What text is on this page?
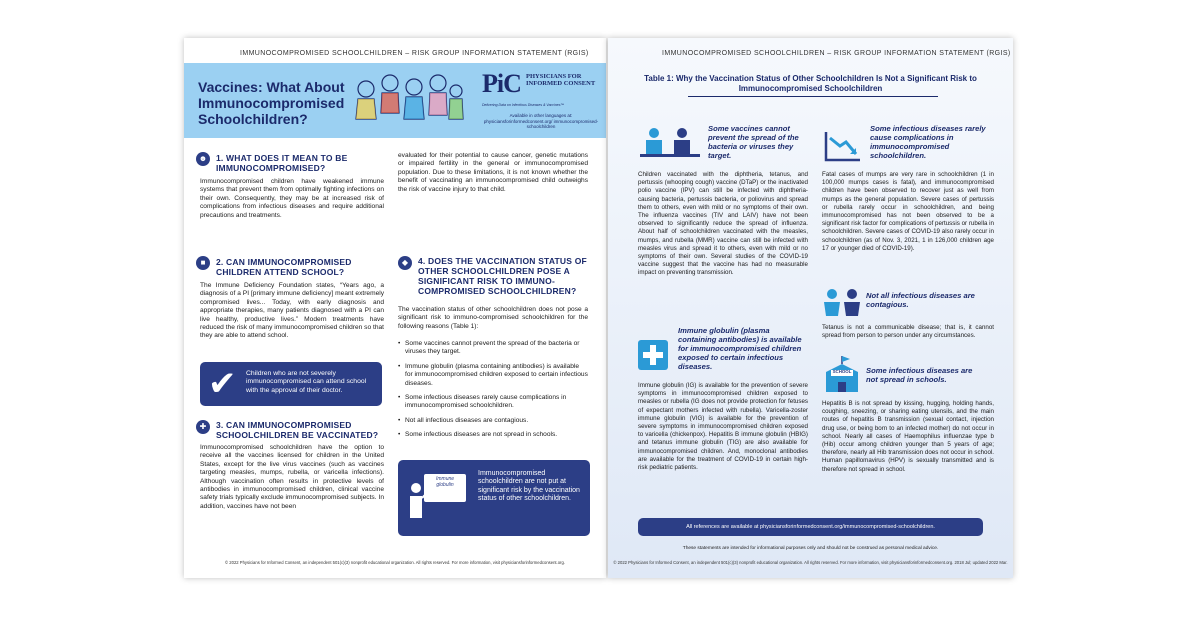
Vaccines: What About Immunocompromised Schoolchildren?
PiC PHYSICIANS FOR INFORMED CONSENT
Delivering Data on Infectious Diseases & Vaccines™
Available in other languages at: physiciansforinformedconsent.org/ immunocompromised-schoolchildren
☻	1. WHAT DOES IT MEAN TO BE IMMUNOCOMPROMISED?
Immunocompromised children have weakened immune systems that prevent them from optimally fighting infections on their own. Consequently, they may be at increased risk of complications from infectious diseases and require additional precautions and treatments.
■	2. CAN IMMUNOCOMPROMISED CHILDREN ATTEND SCHOOL?
The Immune Deficiency Foundation states, “Years ago, a diagnosis of a PI [primary immune deficiency] meant extremely compromised lives... Today, with early diagnosis and appropriate therapies, many patients diagnosed with a PI can live healthy, productive lives.” Modern treatments have reduced the risk of many immunocompromised children so that they are able to attend school.
✔ Children who are not severely immunocompromised can attend school with the approval of their doctor.
✚	3. CAN IMMUNOCOMPROMISED SCHOOLCHILDREN BE VACCINATED?
Immunocompromised schoolchildren have the option to receive all the vaccines licensed for children in the United States, except for the live virus vaccines (such as vaccines targeting measles, mumps, rubella, or varicella infections). Although vaccination often results in protective levels of antibodies in immunocompromised children, clinical vaccine safety trials typically exclude immunocompromised subjects. In addition, vaccines have not been
evaluated for their potential to cause cancer, genetic mutations or impaired fertility in the general or immunocompromised population. Due to these limitations, it is not known whether the benefit of vaccinating an immunocompromised child outweighs the risk of vaccine injury to that child.
◆	4. DOES THE VACCINATION STATUS OF OTHER SCHOOLCHILDREN POSE A SIGNIFICANT RISK TO IMMUNO-COMPROMISED SCHOOLCHILDREN?
The vaccination status of other schoolchildren does not pose a significant risk to immuno-compromised schoolchildren for the following reasons (Table 1):
• Some vaccines cannot prevent the spread of the bacteria or viruses they target.
• Immune globulin (plasma containing antibodies) is available for immunocompromised children exposed to certain infectious diseases.
• Some infectious diseases rarely cause complications in immunocompromised schoolchildren.
• Not all infectious diseases are contagious.
• Some infectious diseases are not spread in schools.
Immune globulin
Immunocompromised schoolchildren are not put at significant risk by the vaccination status of other schoolchildren.
© 2022 Physicians for Informed Consent, an independent 501(c)(3) nonprofit educational organization. All rights reserved. For more information, visit physiciansforinformedconsent.org.
IMMUNOCOMPROMISED SCHOOLCHILDREN – RISK GROUP INFORMATION STATEMENT (RGIS)
Table 1: Why the Vaccination Status of Other Schoolchildren Is Not a Significant Risk to Immunocompromised Schoolchildren
Some vaccines cannot prevent the spread of the bacteria or viruses they target.
Children vaccinated with the diphtheria, tetanus, and pertussis (whooping cough) vaccine (DTaP) or the inactivated polio vaccine (IPV) can still be infected with diphtheria-causing bacteria, pertussis bacteria, or poliovirus and spread them to others, even with mild or no symptoms of their own. The influenza vaccines (TIV and LAIV) have not been observed to significantly reduce the spread of influenza. About half of schoolchildren vaccinated with the measles, mumps, and rubella (MMR) vaccine can still be infected with measles virus and spread it to others, even with mild or no symptoms of their own. Several studies of the COVID-19 vaccine suggest that the vaccine has had no measurable impact on preventing transmission.
Immune globulin (plasma containing antibodies) is available for immunocompromised children exposed to certain infectious diseases.
Immune globulin (IG) is available for the prevention of severe symptoms in immunocompromised children exposed to measles or rubella (IG does not provide protection for fetuses of expectant mothers infected with rubella). Varicella-zoster immune globulin (VIG) is available for the prevention of severe symptoms in immunocompromised children exposed to varicella (chickenpox). Hepatitis B immune globulin (HBIG) and tetanus immune globulin (TIG) are also available for immunocompromised children. And, monoclonal antibodies are available for the treatment of COVID-19 in certain high-risk pediatric patients.
Some infectious diseases rarely cause complications in immunocompromised schoolchildren.
Fatal cases of mumps are very rare in schoolchildren (1 in 100,000 mumps cases is fatal), and immunocompromised children have been observed to recover just as well from mumps as the general population. Severe cases of pertussis or rubella rarely occur in schoolchildren, and being immunocompromised has not been observed to be a significant risk factor for complications of pertussis or rubella in schoolchildren. Severe cases of COVID-19 also rarely occur in schoolchildren (as of Nov. 3, 2021, 1 in 126,000 children age 17 or younger died of COVID-19).
Not all infectious diseases are contagious.
Tetanus is not a communicable disease; that is, it cannot spread from person to person under any circumstances.
SCHOOL Some infectious diseases are not spread in schools.
Hepatitis B is not spread by kissing, hugging, holding hands, coughing, sneezing, or sharing eating utensils, and the main routes of hepatitis B transmission (sexual contact, injection drug use, or being born to an infected mother) do not occur in school. Nearly all cases of Haemophilus influenzae type b (Hib) occur among children younger than 5 years of age; therefore, nearly all Hib transmission does not occur in school. Human papillomavirus (HPV) is sexually transmitted and is therefore not spread in school.
All references are available at physiciansforinformedconsent.org/immunocompromised-schoolchildren.
These statements are intended for informational purposes only and should not be construed as personal medical advice.
© 2022 Physicians for Informed Consent, an independent 501(c)(3) nonprofit educational organization. All rights reserved. For more information, visit physiciansforinformedconsent.org. 2018 Jul; updated 2022 Mar.
IMMUNOCOMPROMISED SCHOOLCHILDREN – RISK GROUP INFORMATION STATEMENT (RGIS)
